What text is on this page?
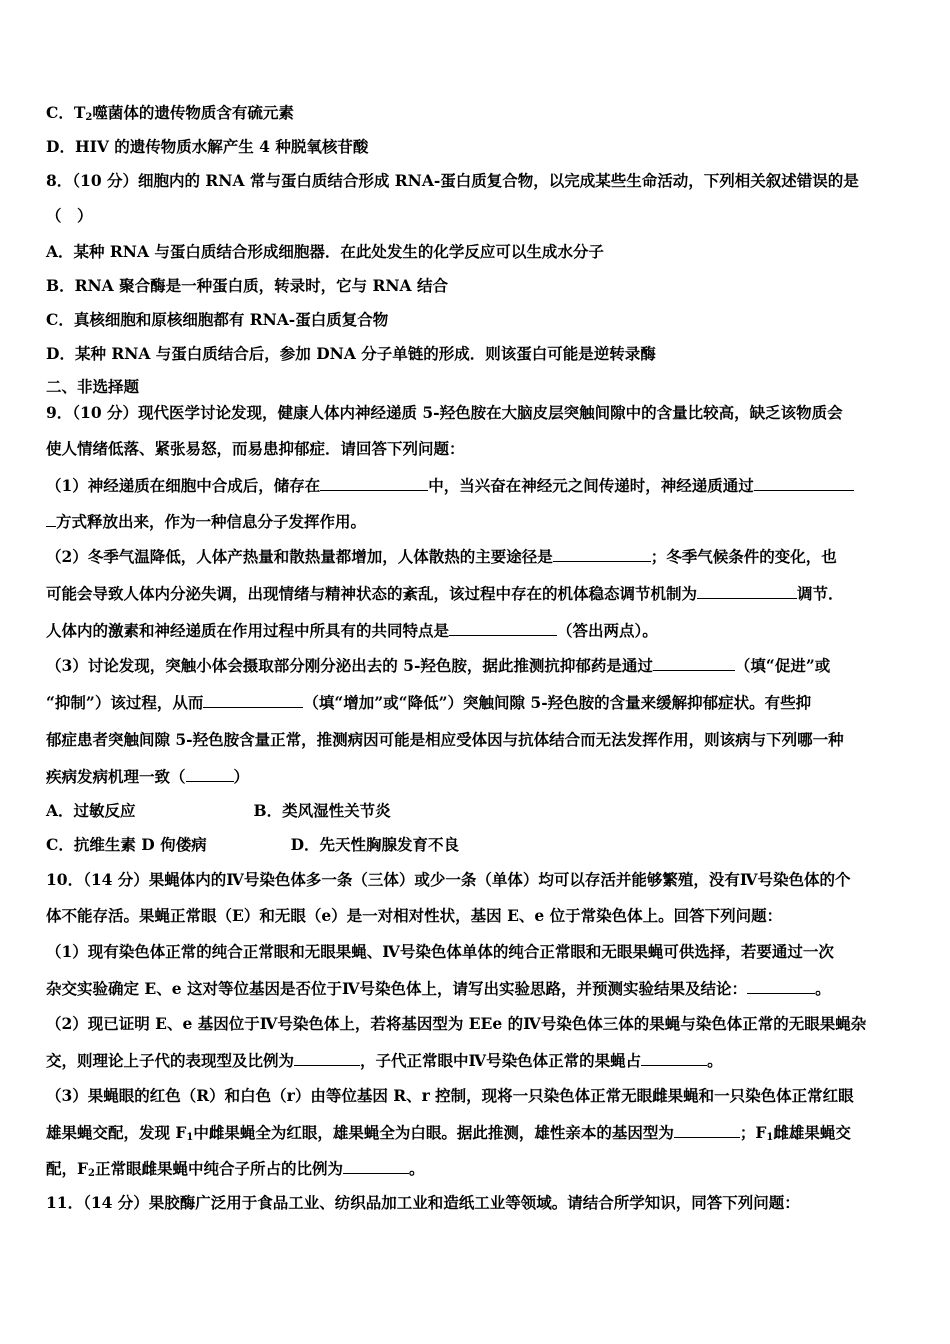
C．$T_2$噬菌体的遗传物质含有硫元素
D．HIV 的遗传物质水解产生 4 种脱氧核苷酸
8．（10 分）细胞内的 RNA 常与蛋白质结合形成 RNA-蛋白质复合物，以完成某些生命活动，下列相关叙述错误的是
（　）
A．某种 RNA 与蛋白质结合形成细胞器．在此处发生的化学反应可以生成水分子
B．RNA 聚合酶是一种蛋白质，转录时，它与 RNA 结合
C．真核细胞和原核细胞都有 RNA-蛋白质复合物
D．某种 RNA 与蛋白质结合后，参加 DNA 分子单链的形成．则该蛋白可能是逆转录酶
二、非选择题
9．（10 分）现代医学讨论发现，健康人体内神经递质 5-羟色胺在大脑皮层突触间隙中的含量比较高，缺乏该物质会
使人情绪低落、紧张易怒，而易患抑郁症．请回答下列问题：
（1）神经递质在细胞中合成后，储存在	中，当兴奋在神经元之间传递时，神经递质通过
方式释放出来，作为一种信息分子发挥作用。
（2）冬季气温降低，人体产热量和散热量都增加，人体散热的主要途径是	；冬季气候条件的变化，也
可能会导致人体内分泌失调，出现情绪与精神状态的紊乱，该过程中存在的机体稳态调节机制为	调节．
人体内的激素和神经递质在作用过程中所具有的共同特点是	（答出两点）。
（3）讨论发现，突触小体会摄取部分刚分泌出去的 5-羟色胺，据此推测抗抑郁药是通过	（填“促进”或
“抑制”）该过程，从而	（填“增加”或“降低”）突触间隙 5-羟色胺的含量来缓解抑郁症状。有些抑
郁症患者突触间隙 5-羟色胺含量正常，推测病因可能是相应受体因与抗体结合而无法发挥作用，则该病与下列哪一种
疾病发病机理一致（	）
A．过敏反应	B．类风湿性关节炎
C．抗维生素 D 佝偻病	D．先天性胸腺发育不良
10．（14 分）果蝇体内的Ⅳ号染色体多一条（三体）或少一条（单体）均可以存活并能够繁殖，没有Ⅳ号染色体的个
体不能存活。果蝇正常眼（E）和无眼（e）是一对相对性状，基因 E、e 位于常染色体上。回答下列问题：
（1）现有染色体正常的纯合正常眼和无眼果蝇、Ⅳ号染色体单体的纯合正常眼和无眼果蝇可供选择，若要通过一次
杂交实验确定 E、e 这对等位基因是否位于Ⅳ号染色体上，请写出实验思路，并预测实验结果及结论：	。
（2）现已证明 E、e 基因位于Ⅳ号染色体上，若将基因型为 EEe 的Ⅳ号染色体三体的果蝇与染色体正常的无眼果蝇杂
交，则理论上子代的表现型及比例为	，子代正常眼中Ⅳ号染色体正常的果蝇占	。
（3）果蝇眼的红色（R）和白色（r）由等位基因 R、r 控制，现将一只染色体正常无眼雌果蝇和一只染色体正常红眼
雄果蝇交配，发现 $F_1$中雌果蝇全为红眼，雄果蝇全为白眼。据此推测，雄性亲本的基因型为	；$F_1$雌雄果蝇交
配，$F_2$正常眼雌果蝇中纯合子所占的比例为	。
11．（14 分）果胶酶广泛用于食品工业、纺织品加工业和造纸工业等领域。请结合所学知识，同答下列问题：
